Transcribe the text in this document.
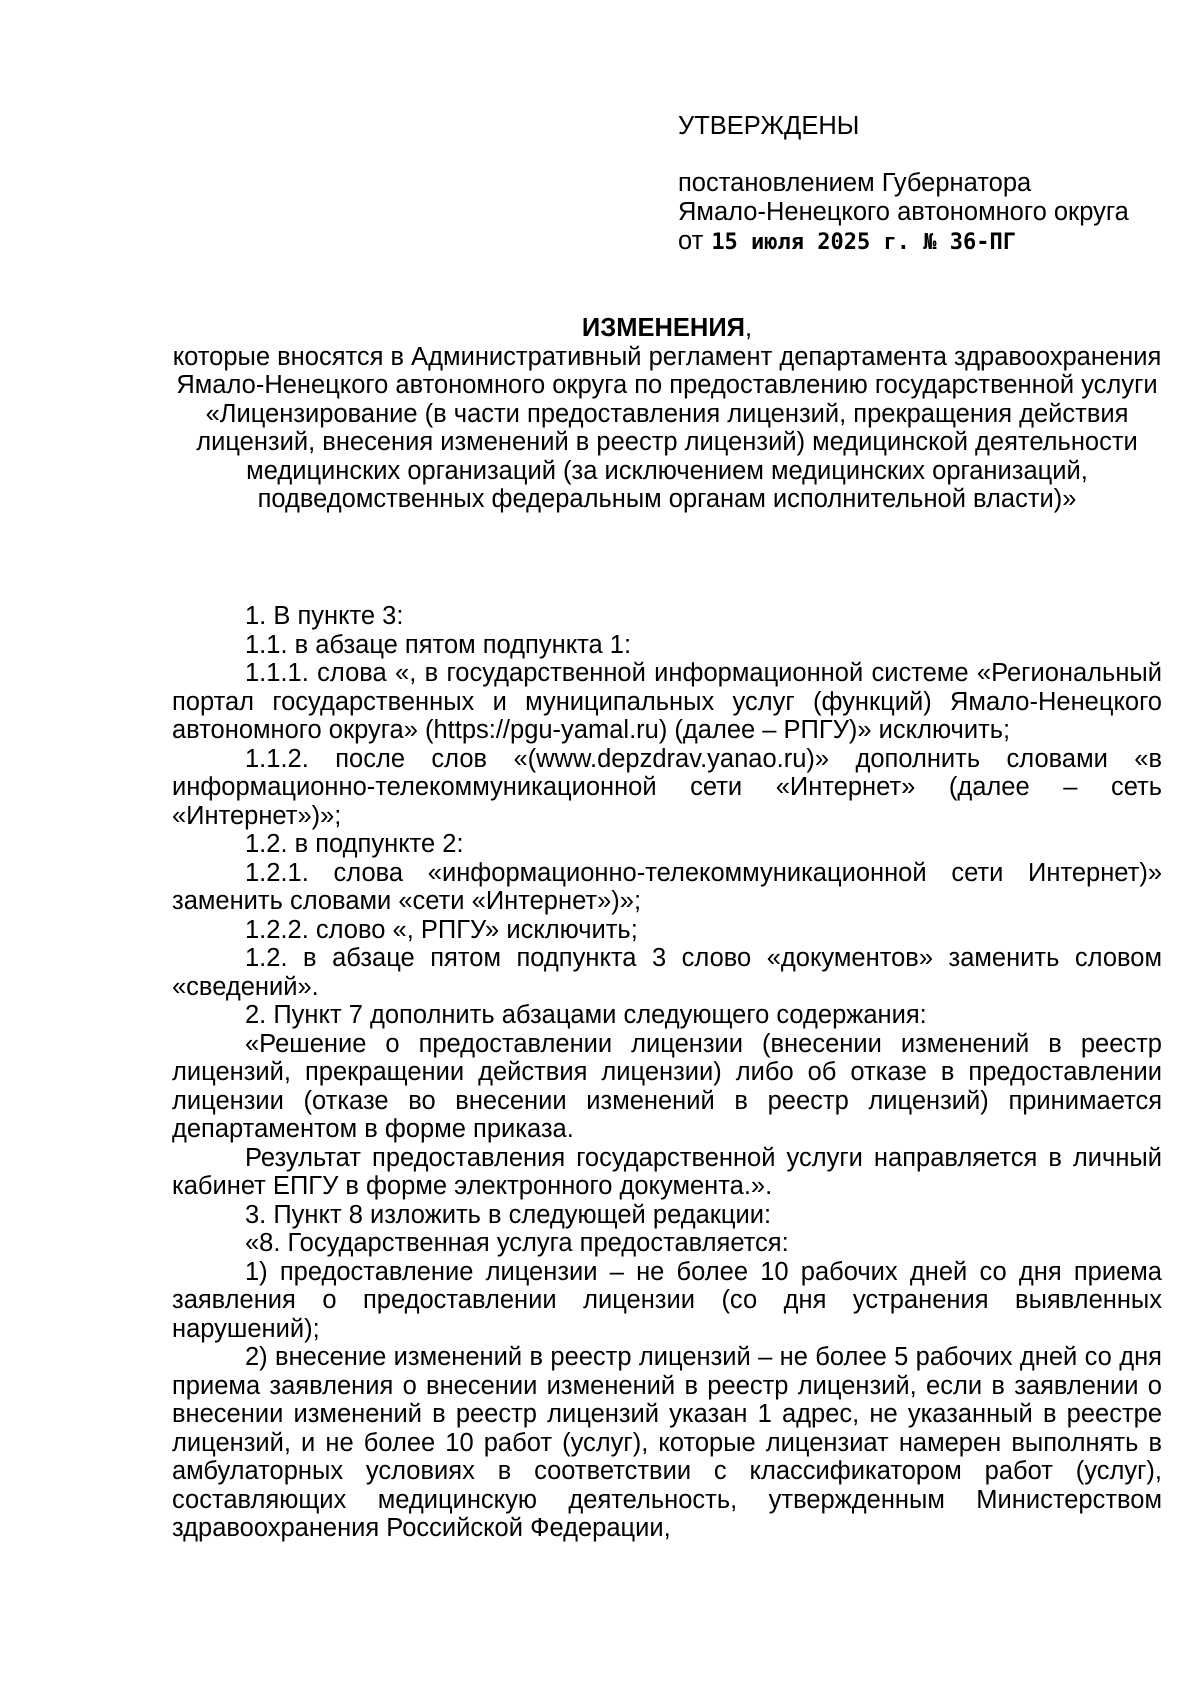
УТВЕРЖДЕНЫ
постановлением Губернатора
Ямало-Ненецкого автономного округа
от 15 июля 2025 г. № 36-ПГ
ИЗМЕНЕНИЯ,
которые вносятся в Административный регламент департамента здравоохранения Ямало-Ненецкого автономного округа по предоставлению государственной услуги «Лицензирование (в части предоставления лицензий, прекращения действия лицензий, внесения изменений в реестр лицензий) медицинской деятельности медицинских организаций (за исключением медицинских организаций, подведомственных федеральным органам исполнительной власти)»

1. В пункте 3:

1.1. в абзаце пятом подпункта 1:

1.1.1. слова «, в государственной информационной системе «Региональный портал государственных и муниципальных услуг (функций) Ямало-Ненецкого автономного округа» (https://pgu-yamal.ru) (далее – РПГУ)» исключить;

1.1.2. после слов «(www.depzdrav.yanao.ru)» дополнить словами «в информационно-телекоммуникационной сети «Интернет» (далее – сеть «Интернет»)»;

1.2. в подпункте 2:

1.2.1. слова «информационно-телекоммуникационной сети Интернет)» заменить словами «сети «Интернет»)»;

1.2.2. слово «, РПГУ» исключить;

1.2. в абзаце пятом подпункта 3 слово «документов» заменить словом «сведений».

2. Пункт 7 дополнить абзацами следующего содержания:

«Решение о предоставлении лицензии (внесении изменений в реестр лицензий, прекращении действия лицензии) либо об отказе в предоставлении лицензии (отказе во внесении изменений в реестр лицензий) принимается департаментом в форме приказа.

Результат предоставления государственной услуги направляется в личный кабинет ЕПГУ в форме электронного документа.».

3. Пункт 8 изложить в следующей редакции:

«8. Государственная услуга предоставляется:

1) предоставление лицензии – не более 10 рабочих дней со дня приема заявления о предоставлении лицензии (со дня устранения выявленных нарушений);

2) внесение изменений в реестр лицензий – не более 5 рабочих дней со дня приема заявления о внесении изменений в реестр лицензий, если в заявлении о внесении изменений в реестр лицензий указан 1 адрес, не указанный в реестре лицензий, и не более 10 работ (услуг), которые лицензиат намерен выполнять в амбулаторных условиях в соответствии с классификатором работ (услуг), составляющих медицинскую деятельность, утвержденным Министерством здравоохранения Российской Федерации,
